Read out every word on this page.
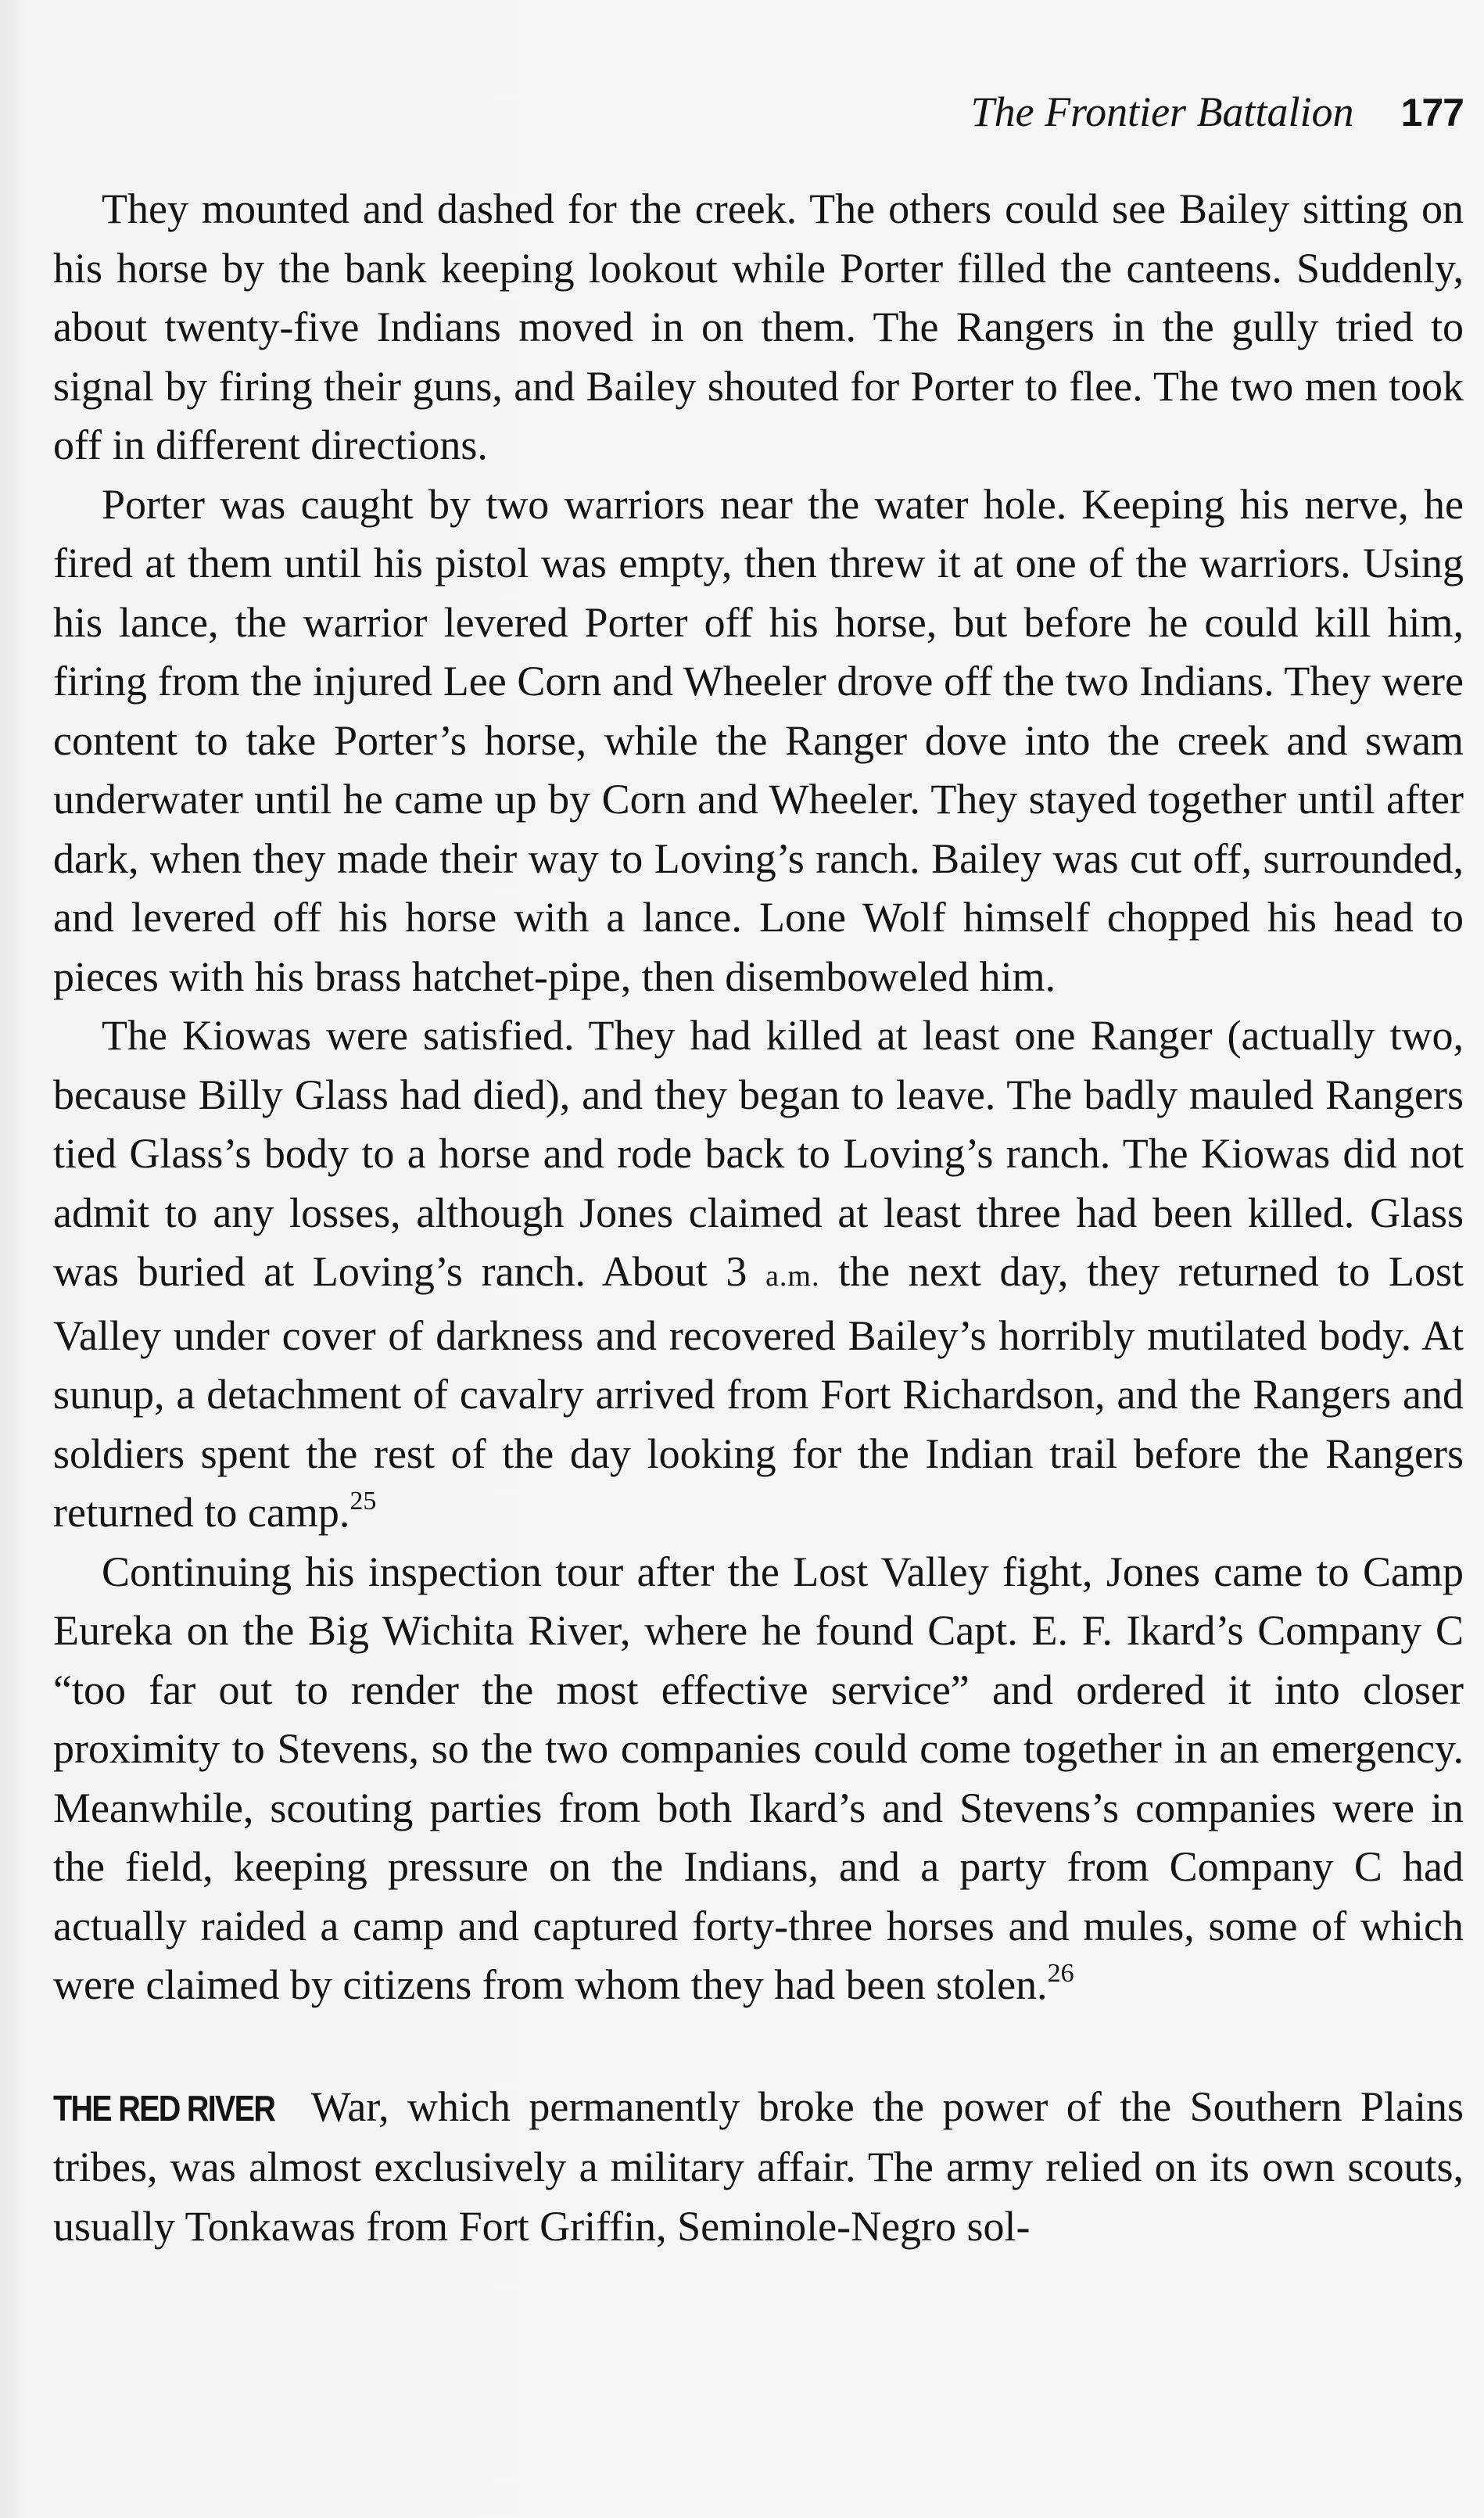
The Frontier Battalion 177

They mounted and dashed for the creek. The others could see Bailey sitting on his horse by the bank keeping lookout while Porter filled the canteens. Suddenly, about twenty-five Indians moved in on them. The Rangers in the gully tried to signal by firing their guns, and Bailey shouted for Porter to flee. The two men took off in different directions.

Porter was caught by two warriors near the water hole. Keeping his nerve, he fired at them until his pistol was empty, then threw it at one of the warriors. Using his lance, the warrior levered Porter off his horse, but before he could kill him, firing from the injured Lee Corn and Wheeler drove off the two Indians. They were content to take Porter’s horse, while the Ranger dove into the creek and swam underwater until he came up by Corn and Wheeler. They stayed together until after dark, when they made their way to Loving’s ranch. Bailey was cut off, surrounded, and levered off his horse with a lance. Lone Wolf himself chopped his head to pieces with his brass hatchet-pipe, then disemboweled him.

The Kiowas were satisfied. They had killed at least one Ranger (actually two, because Billy Glass had died), and they began to leave. The badly mauled Rangers tied Glass’s body to a horse and rode back to Loving’s ranch. The Kiowas did not admit to any losses, although Jones claimed at least three had been killed. Glass was buried at Loving’s ranch. About 3 a.m. the next day, they returned to Lost Valley under cover of darkness and recovered Bailey’s horribly mutilated body. At sunup, a detachment of cavalry arrived from Fort Richardson, and the Rangers and soldiers spent the rest of the day looking for the Indian trail before the Rangers returned to camp.$^{25}$

Continuing his inspection tour after the Lost Valley fight, Jones came to Camp Eureka on the Big Wichita River, where he found Capt. E. F. Ikard’s Company C “too far out to render the most effective service” and ordered it into closer proximity to Stevens, so the two companies could come together in an emergency. Meanwhile, scouting parties from both Ikard’s and Stevens’s companies were in the field, keeping pressure on the Indians, and a party from Company C had actually raided a camp and captured forty-three horses and mules, some of which were claimed by citizens from whom they had been stolen.$^{26}$

THE RED RIVER War, which permanently broke the power of the Southern Plains tribes, was almost exclusively a military affair. The army relied on its own scouts, usually Tonkawas from Fort Griffin, Seminole-Negro sol-
